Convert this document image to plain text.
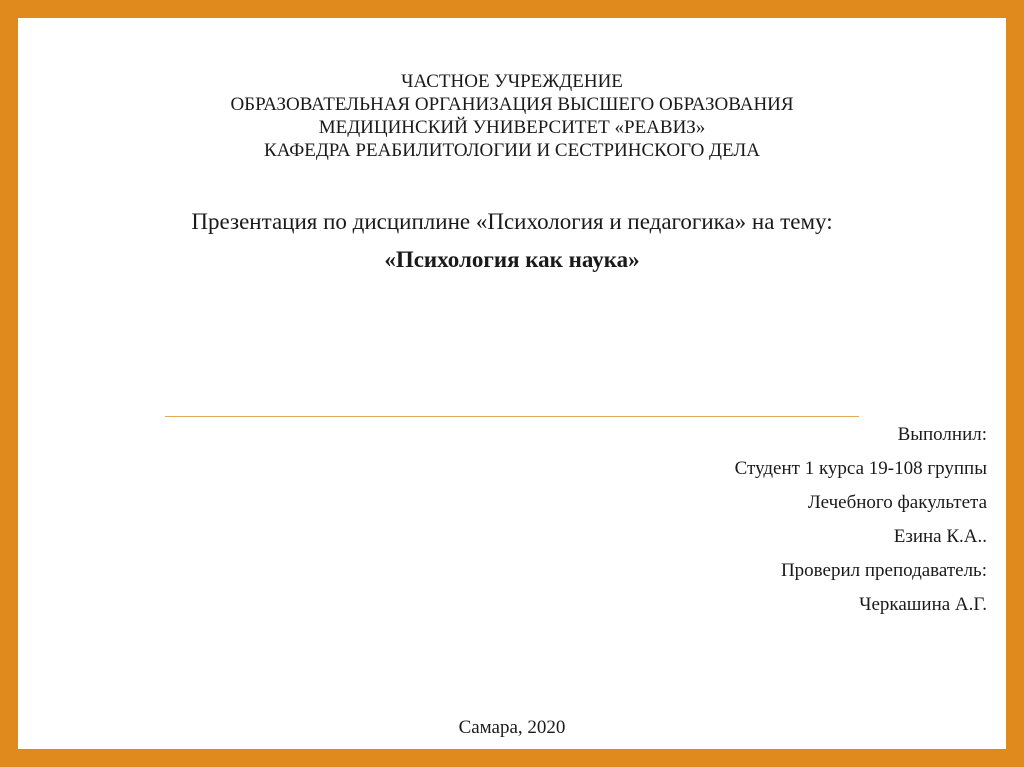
ЧАСТНОЕ УЧРЕЖДЕНИЕ
ОБРАЗОВАТЕЛЬНАЯ ОРГАНИЗАЦИЯ ВЫСШЕГО ОБРАЗОВАНИЯ
МЕДИЦИНСКИЙ УНИВЕРСИТЕТ «РЕАВИЗ»
КАФЕДРА РЕАБИЛИТОЛОГИИ И СЕСТРИНСКОГО ДЕЛА
Презентация по дисциплине «Психология и педагогика» на тему:
«Психология как наука»
Выполнил:
Студент 1 курса 19-108 группы
Лечебного факультета
Езина К.А..
Проверил преподаватель:
Черкашина А.Г.
Самара, 2020
